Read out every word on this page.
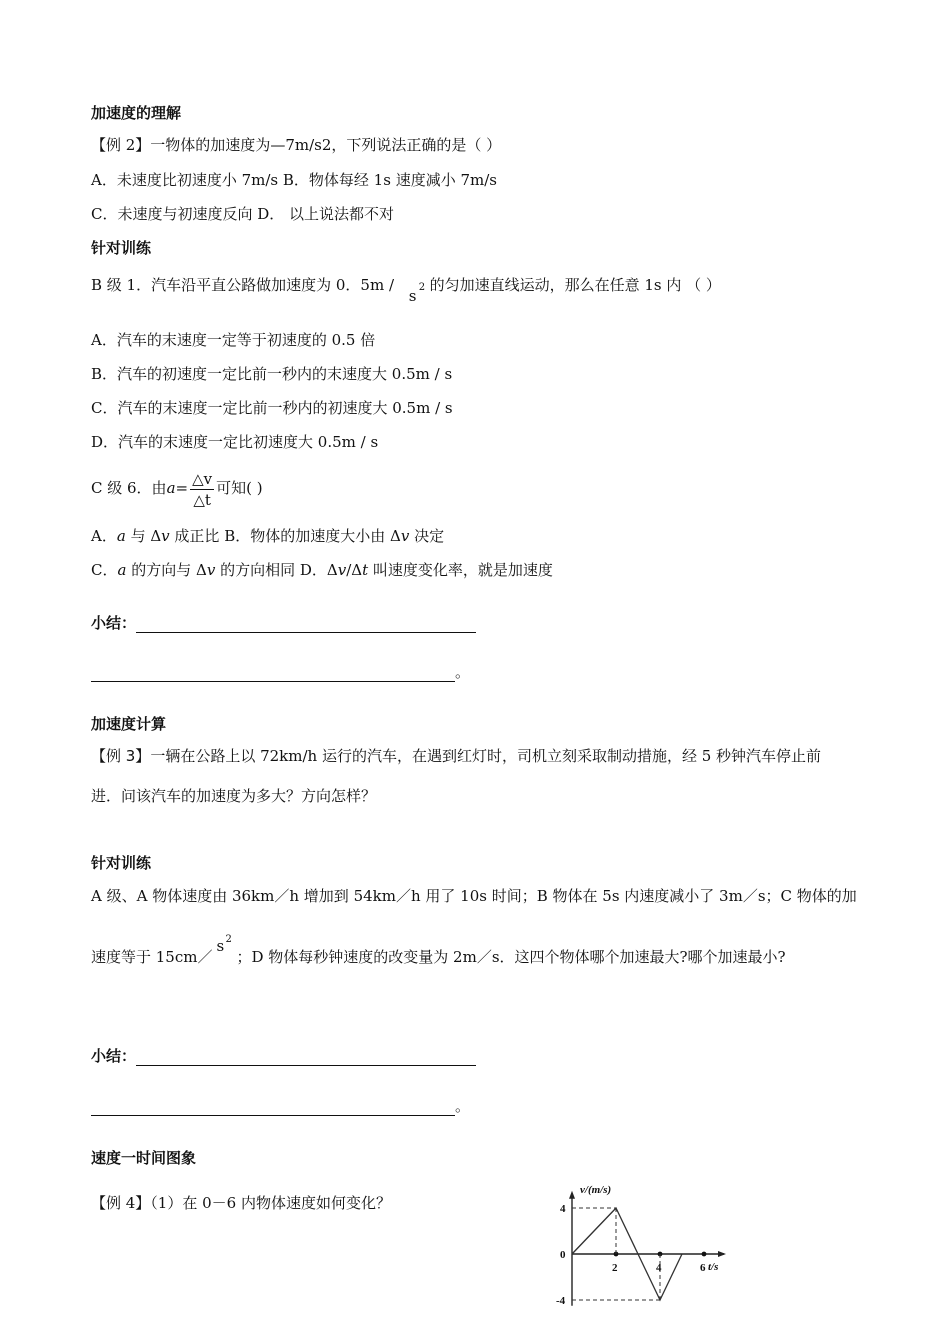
加速度的理解
【例 2】一物体的加速度为—7m/s2，下列说法正确的是（ ）
A．未速度比初速度小 7m/s B．物体每经 1s 速度减小 7m/s
C．未速度与初速度反向 D． 以上说法都不对
针对训练
B 级 1．汽车沿平直公路做加速度为 0．5m /
s 2 的匀加速直线运动，那么在任意 1s 内 （ ）
A．汽车的末速度一定等于初速度的 0.5 倍
B．汽车的初速度一定比前一秒内的末速度大 0.5m / s
C．汽车的末速度一定比前一秒内的初速度大 0.5m / s
D．汽车的末速度一定比初速度大 0.5m / s
C 级 6．由$a= \frac{\triangle v}{\triangle t}$ 可知( )
A．a 与 Δv 成正比 B．物体的加速度大小由 Δv 决定
C．a 的方向与 Δv 的方向相同 D．Δv/Δt 叫速度变化率，就是加速度
小结：
。
加速度计算
【例 3】一辆在公路上以 72km/h 运行的汽车，在遇到红灯时，司机立刻采取制动措施，经 5 秒钟汽车停止前
进．问该汽车的加速度为多大？方向怎样？
针对训练
A 级、A 物体速度由 36km／h 增加到 54km／h 用了 10s 时间；B 物体在 5s 内速度减小了 3m／s；C 物体的加
速度等于 15cm／
s 2
；D 物体每秒钟速度的改变量为 2m／s．这四个物体哪个加速最大?哪个加速最小?
小结：
。
速度一时间图象
【例 4】（1）在 0－6 内物体速度如何变化？
2	4	6
4
0
-4
v/(m/s)
t/s
